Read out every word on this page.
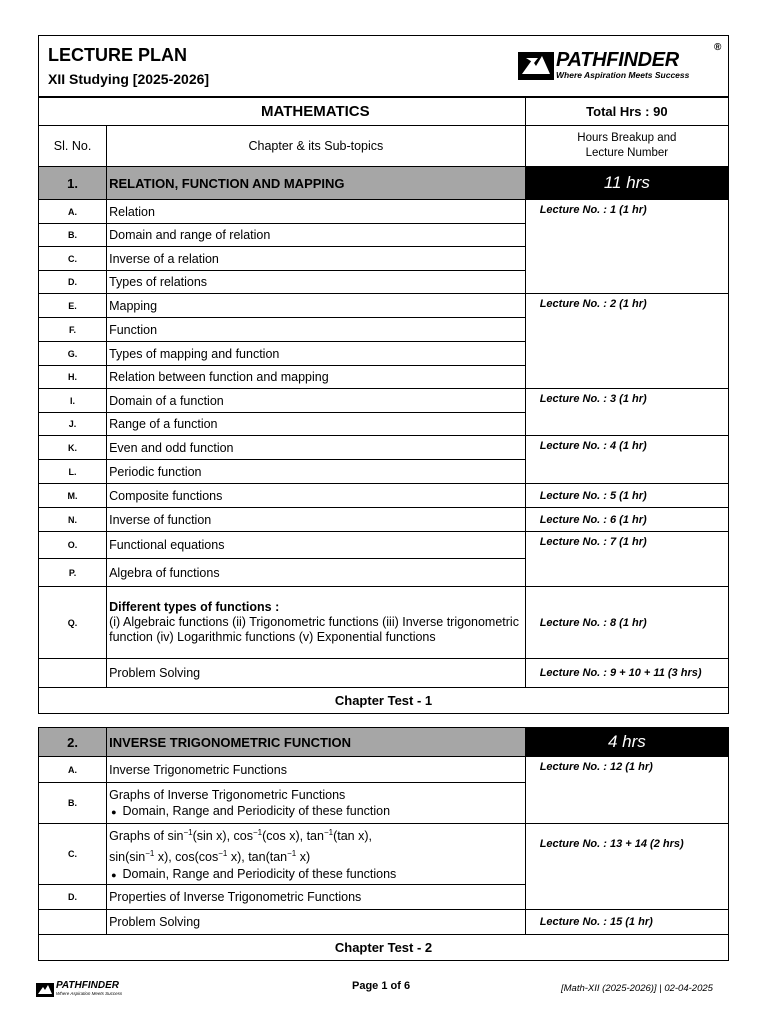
LECTURE PLAN
XII Studying [2025-2026]
PATHFINDER
Where Aspiration Meets Success
®
MATHEMATICS		Total Hrs : 90
Sl. No.	Chapter & its Sub-topics	Hours Breakup and
Lecture Number

1.	RELATION, FUNCTION AND MAPPING	11 hrs
A.	Relation	Lecture No. : 1 (1 hr)
B.	Domain and range of relation	
C.	Inverse of a relation	
D.	Types of relations	
E.	Mapping	Lecture No. : 2 (1 hr)
F.	Function	
G.	Types of mapping and function	
H.	Relation between function and mapping	
I.	Domain of a function	Lecture No. : 3 (1 hr)
J.	Range of a function	
K.	Even and odd function	Lecture No. : 4 (1 hr)
L.	Periodic function	
M.	Composite functions	Lecture No. : 5 (1 hr)
N.	Inverse of function	Lecture No. : 6 (1 hr)
O.	Functional equations	Lecture No. : 7 (1 hr)
P.	Algebra of functions	
Q.	Different types of functions :
(i) Algebraic functions (ii) Trigonometric functions (iii) Inverse trigonometric function (iv) Logarithmic functions (v) Exponential functions	Lecture No. : 8 (1 hr)
	Problem Solving	Lecture No. : 9 + 10 + 11 (3 hrs)
Chapter Test - 1		
2.	INVERSE TRIGONOMETRIC FUNCTION	4 hrs
A.	Inverse Trigonometric Functions	Lecture No. : 12 (1 hr)
B.	Graphs of Inverse Trigonometric Functions
● Domain, Range and Periodicity of these function

C.	Graphs of $\sin^{-1}(\sin$ x), $\cos^{-1}(\cos$ x), $\tan^{-1}(\tan$ x),
$\sin(\sin^{-1}$ x), $\cos(\cos^{-1}$ x), $\tan(\tan^{-1}$ x)
● Domain, Range and Periodicity of these functions	Lecture No. : 13 + 14 (2 hrs)
D.	Properties of Inverse Trigonometric Functions	
	Problem Solving	Lecture No. : 15 (1 hr)
Chapter Test - 2		
PATHFINDER
Where Aspiration Meets Success
Page 1 of 6	[Math-XII (2025-2026)] | 02-04-2025
